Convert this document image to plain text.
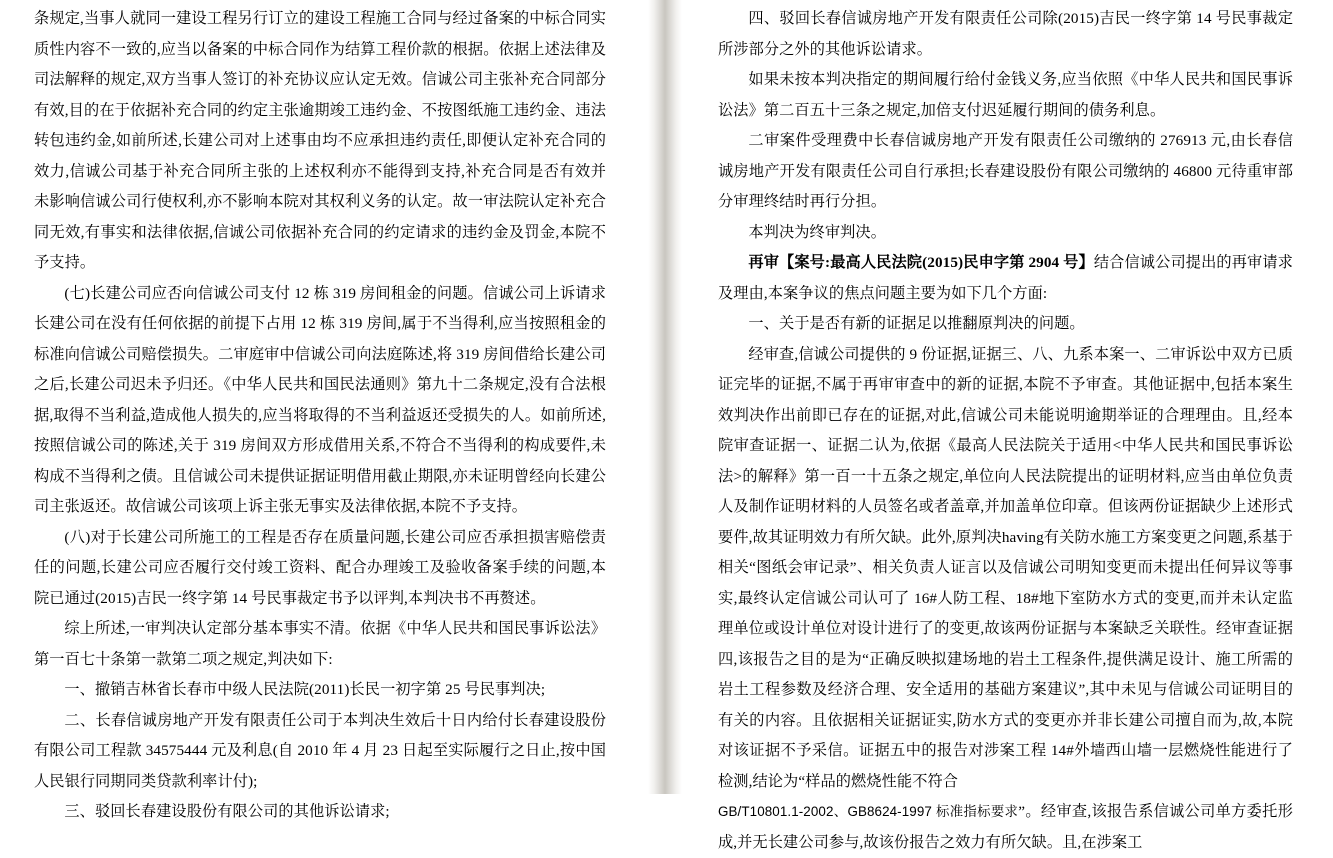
条规定,当事人就同一建设工程另行订立的建设工程施工合同与经过备案的中标合同实质性内容不一致的,应当以备案的中标合同作为结算工程价款的根据。依据上述法律及司法解释的规定,双方当事人签订的补充协议应认定无效。信诚公司主张补充合同部分有效,目的在于依据补充合同的约定主张逾期竣工违约金、不按图纸施工违约金、违法转包违约金,如前所述,长建公司对上述事由均不应承担违约责任,即便认定补充合同的效力,信诚公司基于补充合同所主张的上述权利亦不能得到支持,补充合同是否有效并未影响信诚公司行使权利,亦不影响本院对其权利义务的认定。故一审法院认定补充合同无效,有事实和法律依据,信诚公司依据补充合同的约定请求的违约金及罚金,本院不予支持。

(七)长建公司应否向信诚公司支付 12 栋 319 房间租金的问题。信诚公司上诉请求长建公司在没有任何依据的前提下占用 12 栋 319 房间,属于不当得利,应当按照租金的标准向信诚公司赔偿损失。二审庭审中信诚公司向法庭陈述,将 319 房间借给长建公司之后,长建公司迟未予归还。《中华人民共和国民法通则》第九十二条规定,没有合法根据,取得不当利益,造成他人损失的,应当将取得的不当利益返还受损失的人。如前所述,按照信诚公司的陈述,关于 319 房间双方形成借用关系,不符合不当得利的构成要件,未构成不当得利之债。且信诚公司未提供证据证明借用截止期限,亦未证明曾经向长建公司主张返还。故信诚公司该项上诉主张无事实及法律依据,本院不予支持。

(八)对于长建公司所施工的工程是否存在质量问题,长建公司应否承担损害赔偿责任的问题,长建公司应否履行交付竣工资料、配合办理竣工及验收备案手续的问题,本院已通过(2015)吉民一终字第 14 号民事裁定书予以评判,本判决书不再赘述。

综上所述,一审判决认定部分基本事实不清。依据《中华人民共和国民事诉讼法》第一百七十条第一款第二项之规定,判决如下:

一、撤销吉林省长春市中级人民法院(2011)长民一初字第 25 号民事判决;

二、长春信诚房地产开发有限责任公司于本判决生效后十日内给付长春建设股份有限公司工程款 34575444 元及利息(自 2010 年 4 月 23 日起至实际履行之日止,按中国人民银行同期同类贷款利率计付);

三、驳回长春建设股份有限公司的其他诉讼请求;

四、驳回长春信诚房地产开发有限责任公司除(2015)吉民一终字第 14 号民事裁定所涉部分之外的其他诉讼请求。

如果未按本判决指定的期间履行给付金钱义务,应当依照《中华人民共和国民事诉讼法》第二百五十三条之规定,加倍支付迟延履行期间的债务利息。

二审案件受理费中长春信诚房地产开发有限责任公司缴纳的 276913 元,由长春信诚房地产开发有限责任公司自行承担;长春建设股份有限公司缴纳的 46800 元待重审部分审理终结时再行分担。

本判决为终审判决。

再审【案号:最高人民法院(2015)民申字第 2904 号】结合信诚公司提出的再审请求及理由,本案争议的焦点问题主要为如下几个方面:

一、关于是否有新的证据足以推翻原判决的问题。

经审查,信诚公司提供的 9 份证据,证据三、八、九系本案一、二审诉讼中双方已质证完毕的证据,不属于再审审查中的新的证据,本院不予审查。其他证据中,包括本案生效判决作出前即已存在的证据,对此,信诚公司未能说明逾期举证的合理理由。且,经本院审查证据一、证据二认为,依据《最高人民法院关于适用<中华人民共和国民事诉讼法>的解释》第一百一十五条之规定,单位向人民法院提出的证明材料,应当由单位负责人及制作证明材料的人员签名或者盖章,并加盖单位印章。但该两份证据缺少上述形式要件,故其证明效力有所欠缺。此外,原判决having有关防水施工方案变更之问题,系基于相关“图纸会审记录”、相关负责人证言以及信诚公司明知变更而未提出任何异议等事实,最终认定信诚公司认可了 16#人防工程、18#地下室防水方式的变更,而并未认定监理单位或设计单位对设计进行了的变更,故该两份证据与本案缺乏关联性。经审查证据四,该报告之目的是为“正确反映拟建场地的岩土工程条件,提供满足设计、施工所需的岩土工程参数及经济合理、安全适用的基础方案建议”,其中未见与信诚公司证明目的有关的内容。且依据相关证据证实,防水方式的变更亦并非长建公司擅自而为,故,本院对该证据不予采信。证据五中的报告对涉案工程 14#外墙西山墙一层燃烧性能进行了检测,结论为“样品的燃烧性能不符合

GB/T10801.1-2002、GB8624-1997 标准指标要求”。经审查,该报告系信诚公司单方委托形成,并无长建公司参与,故该份报告之效力有所欠缺。且,在涉案工
